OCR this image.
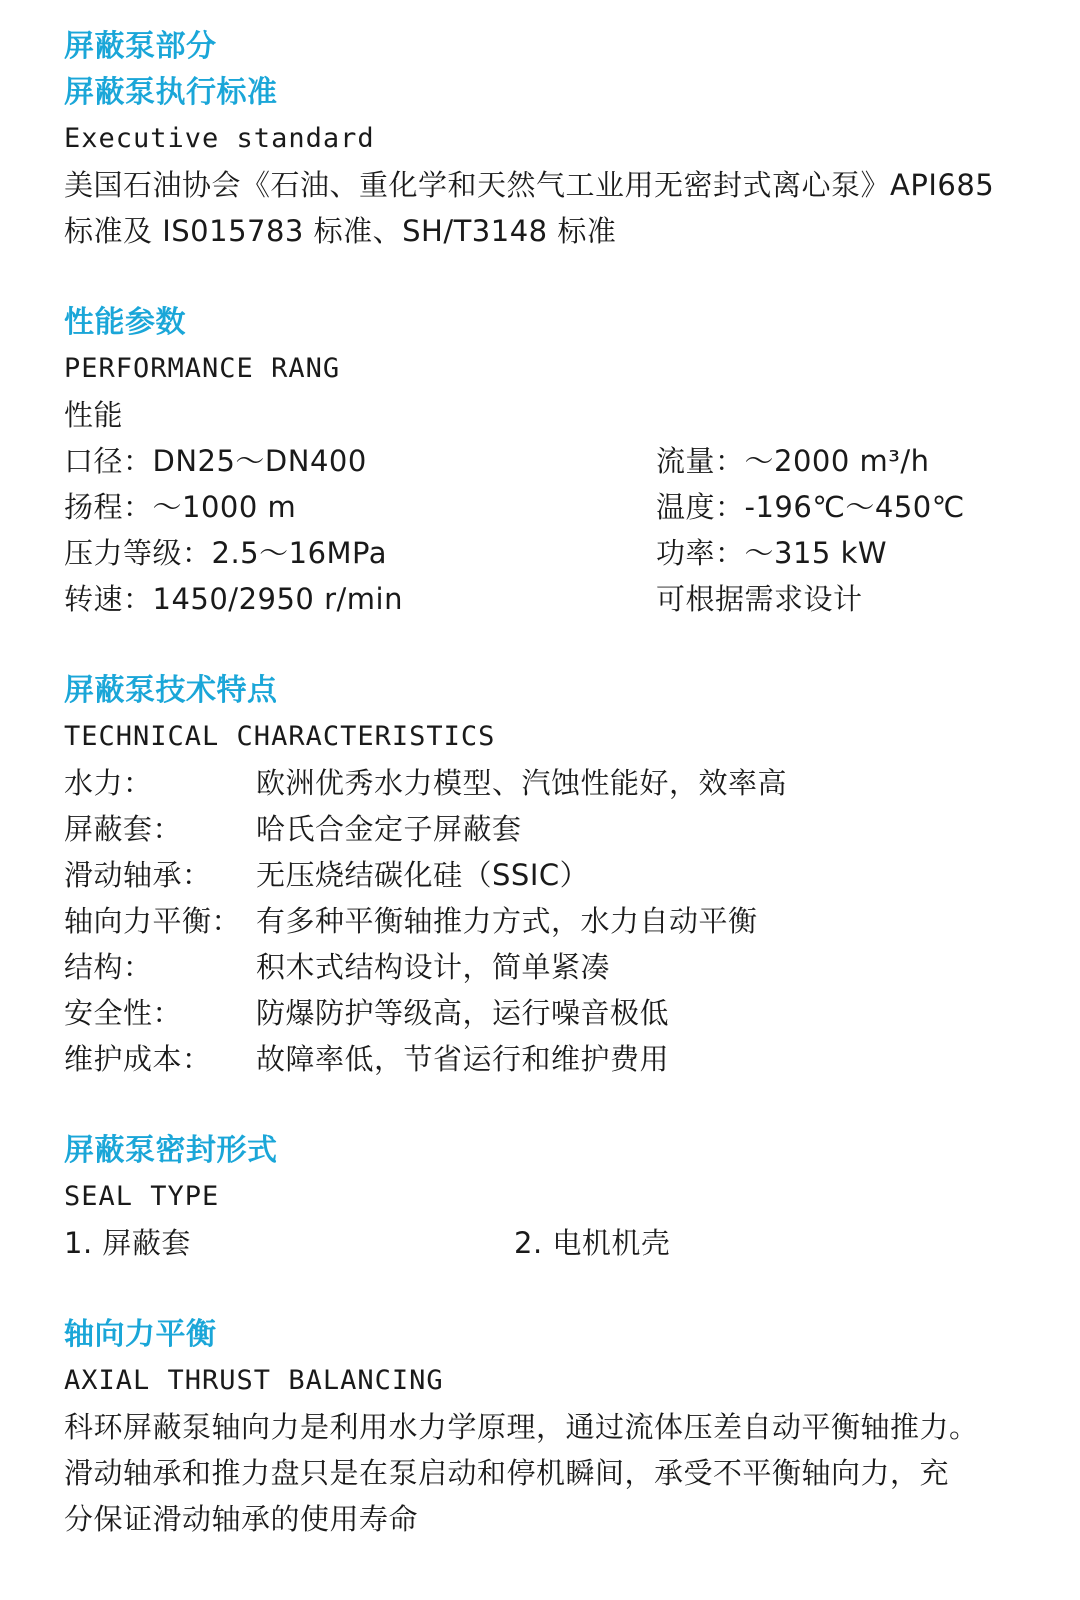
屏蔽泵部分
屏蔽泵执行标准
Executive standard
美国石油协会《石油、重化学和天然气工业用无密封式离心泵》API685
标准及 IS015783 标准、SH/T3148 标准
性能参数
PERFORMANCE RANG
性能
口径：DN25～DN400	流量：～2000 m³/h
扬程：～1000 m	温度：-196℃～450℃
压力等级：2.5～16MPa	功率：～315 kW
转速：1450/2950 r/min	可根据需求设计
屏蔽泵技术特点
TECHNICAL CHARACTERISTICS
水力：	欧洲优秀水力模型、汽蚀性能好，效率高
屏蔽套：	哈氏合金定子屏蔽套
滑动轴承：	无压烧结碳化硅（SSIC）
轴向力平衡： 有多种平衡轴推力方式，水力自动平衡
结构：	积木式结构设计，简单紧凑
安全性：	防爆防护等级高，运行噪音极低
维护成本：	故障率低，节省运行和维护费用
屏蔽泵密封形式
SEAL TYPE
1. 屏蔽套	2. 电机机壳
轴向力平衡
AXIAL THRUST BALANCING
科环屏蔽泵轴向力是利用水力学原理，通过流体压差自动平衡轴推力。
滑动轴承和推力盘只是在泵启动和停机瞬间，承受不平衡轴向力，充
分保证滑动轴承的使用寿命
